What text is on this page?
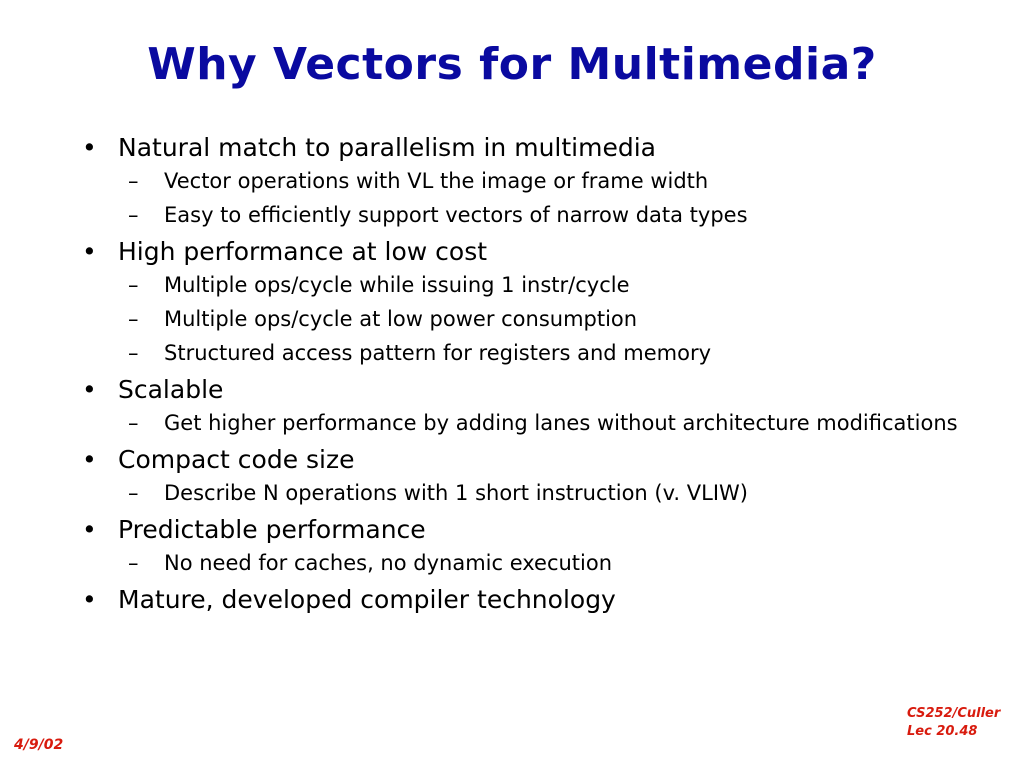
Why Vectors for Multimedia?
• Natural match to parallelism in multimedia
–	Vector operations with VL the image or frame width
–	Easy to efficiently support vectors of narrow data types
• High performance at low cost
–	Multiple ops/cycle while issuing 1 instr/cycle
–	Multiple ops/cycle at low power consumption
–	Structured access pattern for registers and memory
• Scalable
–	Get higher performance by adding lanes without architecture modifications
• Compact code size
–	Describe N operations with 1 short instruction (v. VLIW)
• Predictable performance
–	No need for caches, no dynamic execution
• Mature, developed compiler technology
4/9/02
CS252/Culler
Lec 20.48
